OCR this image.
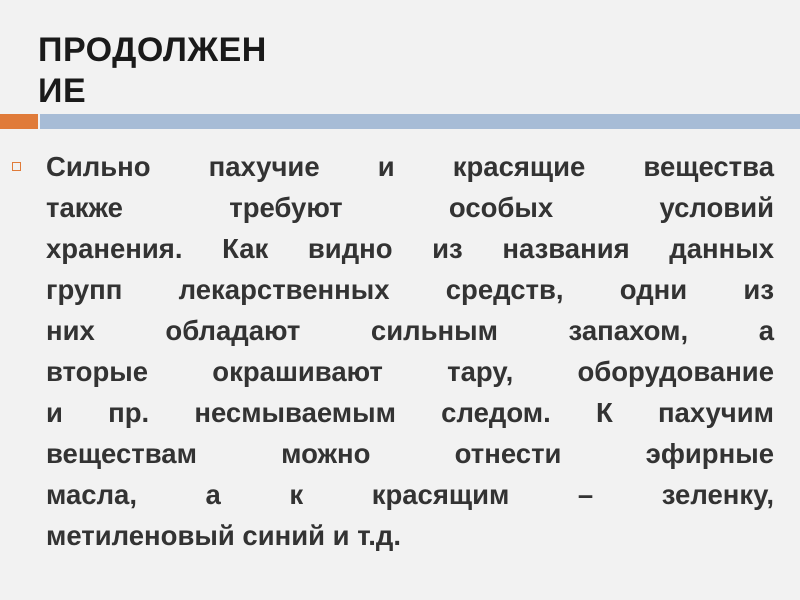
ПРОДОЛЖЕН
ИЕ
Сильно пахучие и красящие вещества
также требуют особых условий
хранения. Как видно из названия данных
групп лекарственных средств, одни из
них обладают сильным запахом, а
вторые окрашивают тару, оборудование
и пр. несмываемым следом. К пахучим
веществам можно отнести эфирные
масла, а к красящим – зеленку,
метиленовый синий и т.д.
